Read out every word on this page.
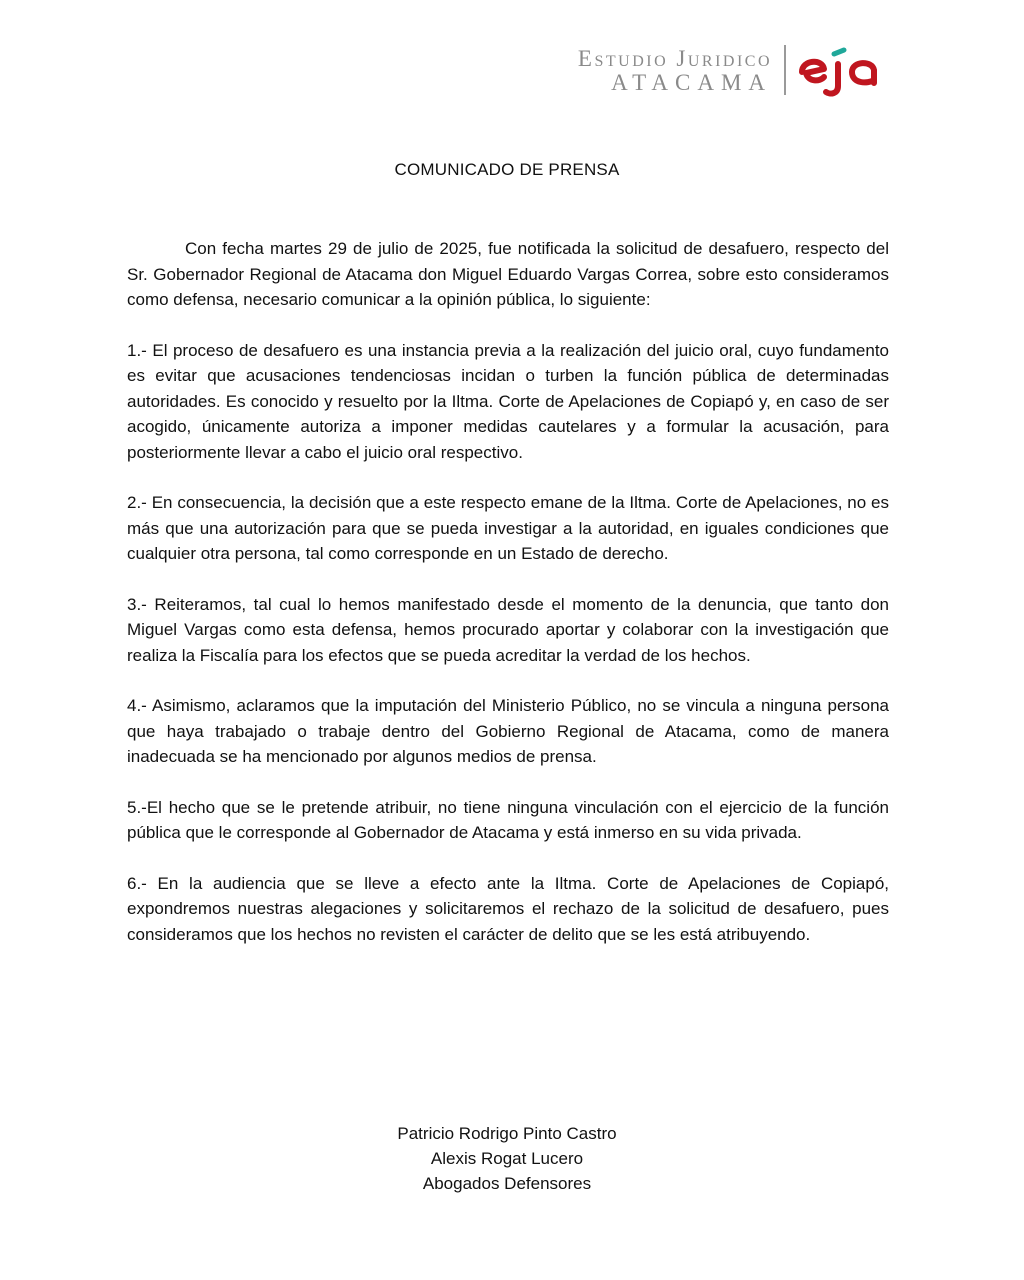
Estudio Juridico
ATACAMA
COMUNICADO DE PRENSA

Con fecha martes 29 de julio de 2025, fue notificada la solicitud de desafuero, respecto del Sr. Gobernador Regional de Atacama don Miguel Eduardo Vargas Correa, sobre esto consideramos como defensa, necesario comunicar a la opinión pública, lo siguiente:

1.- El proceso de desafuero es una instancia previa a la realización del juicio oral, cuyo fundamento es evitar que acusaciones tendenciosas incidan o turben la función pública de determinadas autoridades. Es conocido y resuelto por la Iltma. Corte de Apelaciones de Copiapó y, en caso de ser acogido, únicamente autoriza a imponer medidas cautelares y a formular la acusación, para posteriormente llevar a cabo el juicio oral respectivo.

2.- En consecuencia, la decisión que a este respecto emane de la Iltma. Corte de Apelaciones, no es más que una autorización para que se pueda investigar a la autoridad, en iguales condiciones que cualquier otra persona, tal como corresponde en un Estado de derecho.

3.- Reiteramos, tal cual lo hemos manifestado desde el momento de la denuncia, que tanto don Miguel Vargas como esta defensa, hemos procurado aportar y colaborar con la investigación que realiza la Fiscalía para los efectos que se pueda acreditar la verdad de los hechos.

4.- Asimismo, aclaramos que la imputación del Ministerio Público, no se vincula a ninguna persona que haya trabajado o trabaje dentro del Gobierno Regional de Atacama, como de manera inadecuada se ha mencionado por algunos medios de prensa.

5.-El hecho que se le pretende atribuir, no tiene ninguna vinculación con el ejercicio de la función pública que le corresponde al Gobernador de Atacama y está inmerso en su vida privada.

6.- En la audiencia que se lleve a efecto ante la Iltma. Corte de Apelaciones de Copiapó, expondremos nuestras alegaciones y solicitaremos el rechazo de la solicitud de desafuero, pues consideramos que los hechos no revisten el carácter de delito que se les está atribuyendo.

Patricio Rodrigo Pinto Castro
Alexis Rogat Lucero
Abogados Defensores
